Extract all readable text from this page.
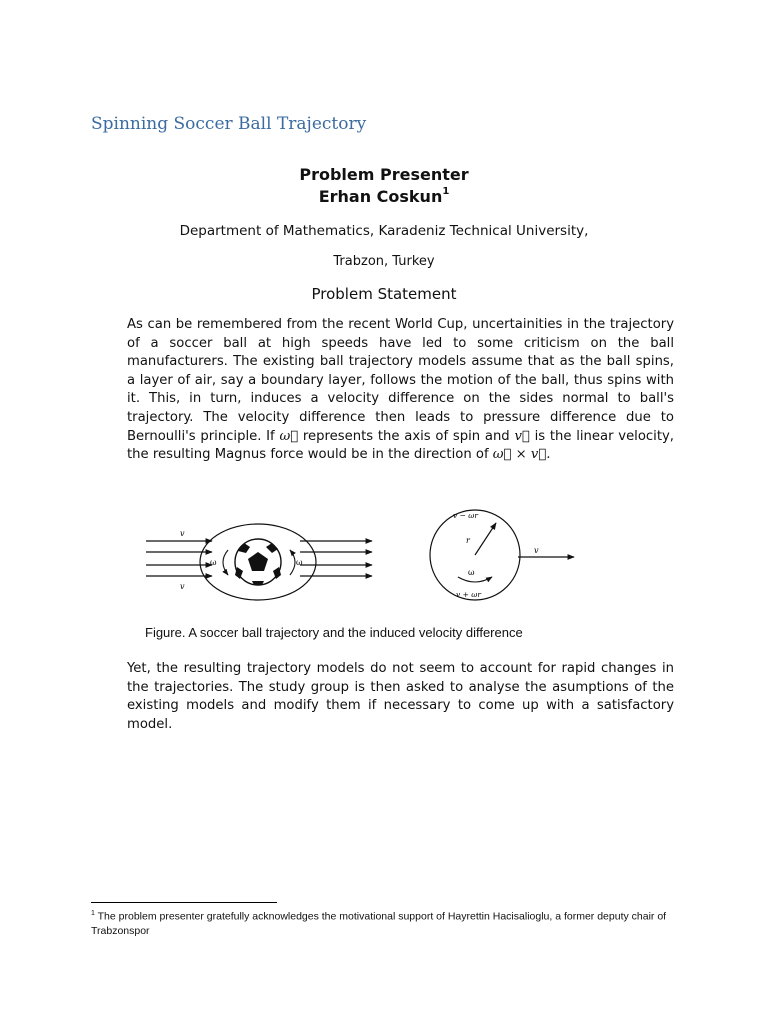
Spinning Soccer Ball Trajectory
Problem Presenter
Erhan Coskun$^1$
Department of Mathematics, Karadeniz Technical University,
Trabzon, Turkey
Problem Statement
As can be remembered from the recent World Cup, uncertainities in the trajectory of a soccer ball at high speeds have led to some criticism on the ball manufacturers. The existing ball trajectory models assume that as the ball spins, a layer of air, say a boundary layer, follows the motion of the ball, thus spins with it. This, in turn, induces a velocity difference on the sides normal to ball's trajectory. The velocity difference then leads to pressure difference due to Bernoulli's principle. If ω⃗ represents the axis of spin and v⃗ is the linear velocity, the resulting Magnus force would be in the direction of ω⃗ × v⃗.
v
v
ω	ω
r
ω
v − ωr
v + ωr
v
Figure. A soccer ball trajectory and the induced velocity difference
Yet, the resulting trajectory models do not seem to account for rapid changes in the trajectories. The study group is then asked to analyse the asumptions of the existing models and modify them if necessary to come up with a satisfactory model.
$^1$ The problem presenter gratefully acknowledges the motivational support of Hayrettin Hacisalioglu, a former deputy chair of Trabzonspor
